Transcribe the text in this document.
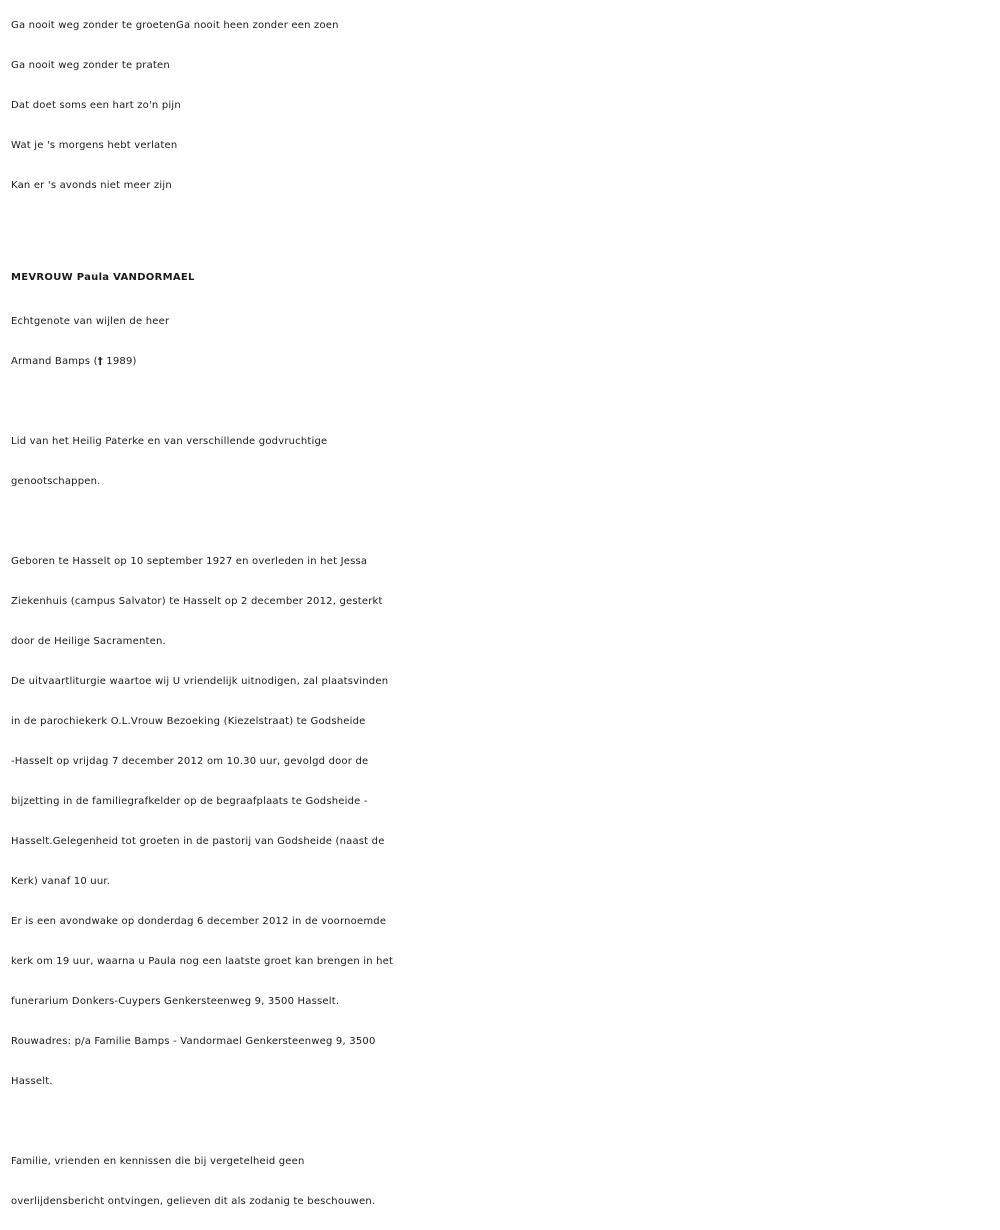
Ga nooit weg zonder te groetenGa nooit heen zonder een zoen
Ga nooit weg zonder te praten
Dat doet soms een hart zo'n pijn
Wat je 's morgens hebt verlaten
Kan er 's avonds niet meer zijn
MEVROUW Paula VANDORMAEL
Echtgenote van wijlen de heer
Armand Bamps († 1989)
Lid van het Heilig Paterke en van verschillende godvruchtige
genootschappen.
Geboren te Hasselt op 10 september 1927 en overleden in het Jessa
Ziekenhuis (campus Salvator) te Hasselt op 2 december 2012, gesterkt
door de Heilige Sacramenten.
De uitvaartliturgie waartoe wij U vriendelijk uitnodigen, zal plaatsvinden
in de parochiekerk O.L.Vrouw Bezoeking (Kiezelstraat) te Godsheide
-Hasselt op vrijdag 7 december 2012 om 10.30 uur, gevolgd door de
bijzetting in de familiegrafkelder op de begraafplaats te Godsheide -
Hasselt.Gelegenheid tot groeten in de pastorij van Godsheide (naast de
Kerk) vanaf 10 uur.
Er is een avondwake op donderdag 6 december 2012 in de voornoemde
kerk om 19 uur, waarna u Paula nog een laatste groet kan brengen in het
funerarium Donkers-Cuypers Genkersteenweg 9, 3500 Hasselt.
Rouwadres: p/a Familie Bamps - Vandormael Genkersteenweg 9, 3500
Hasselt.
Familie, vrienden en kennissen die bij vergetelheid geen
overlijdensbericht ontvingen, gelieven dit als zodanig te beschouwen.
